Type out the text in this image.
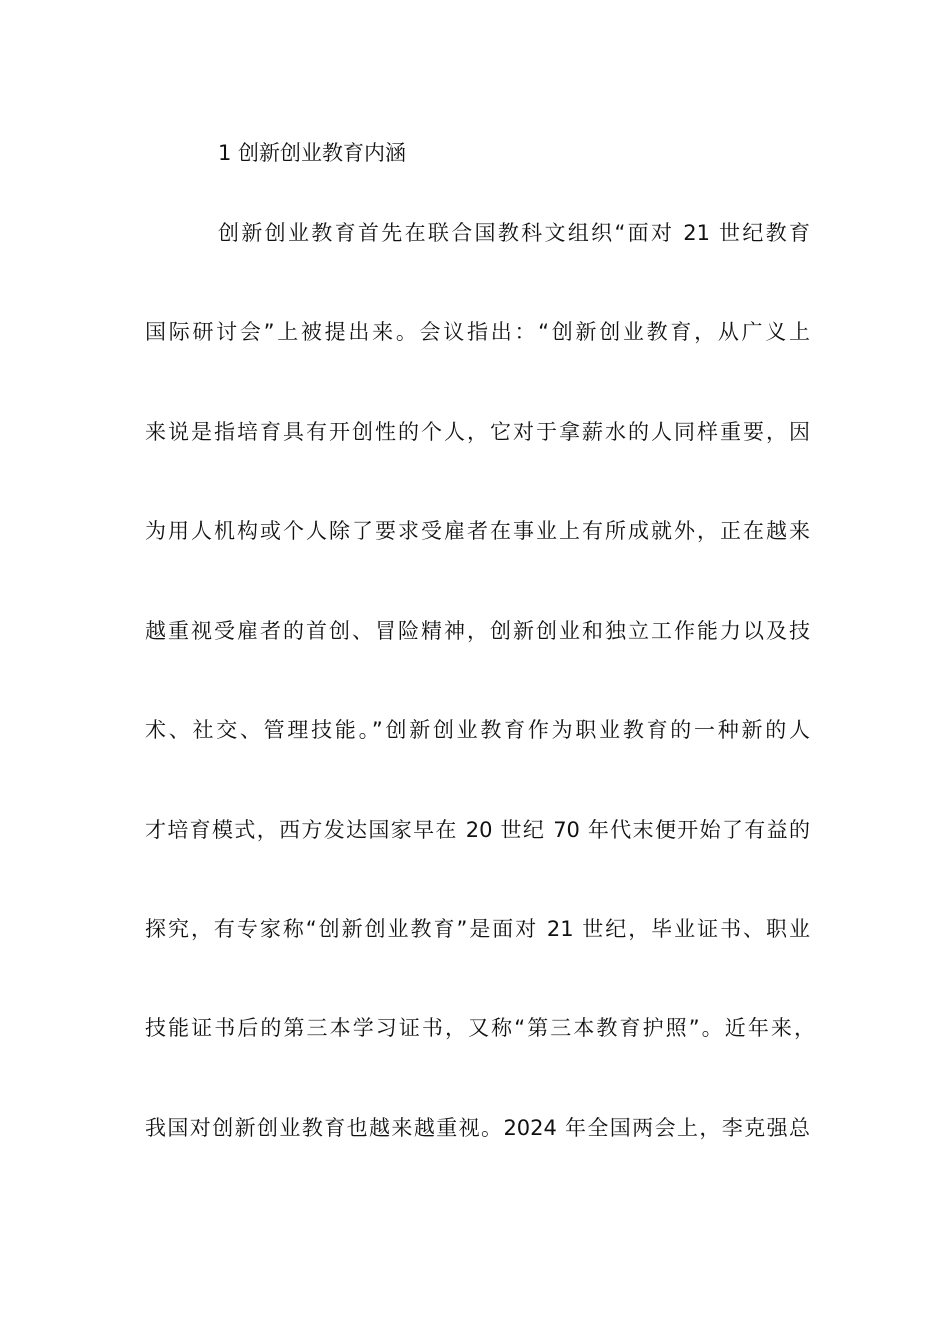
1 创新创业教育内涵
创新创业教育首先在联合国教科文组织“面对 21 世纪教育
国际研讨会”上被提出来。会议指出：“创新创业教育，从广义上
来说是指培育具有开创性的个人，它对于拿薪水的人同样重要，因
为用人机构或个人除了要求受雇者在事业上有所成就外，正在越来
越重视受雇者的首创、冒险精神，创新创业和独立工作能力以及技
术、社交、管理技能。”创新创业教育作为职业教育的一种新的人
才培育模式，西方发达国家早在 20 世纪 70 年代末便开始了有益的
探究，有专家称“创新创业教育”是面对 21 世纪，毕业证书、职业
技能证书后的第三本学习证书，又称“第三本教育护照”。近年来，
我国对创新创业教育也越来越重视。2024 年全国两会上，李克强总
